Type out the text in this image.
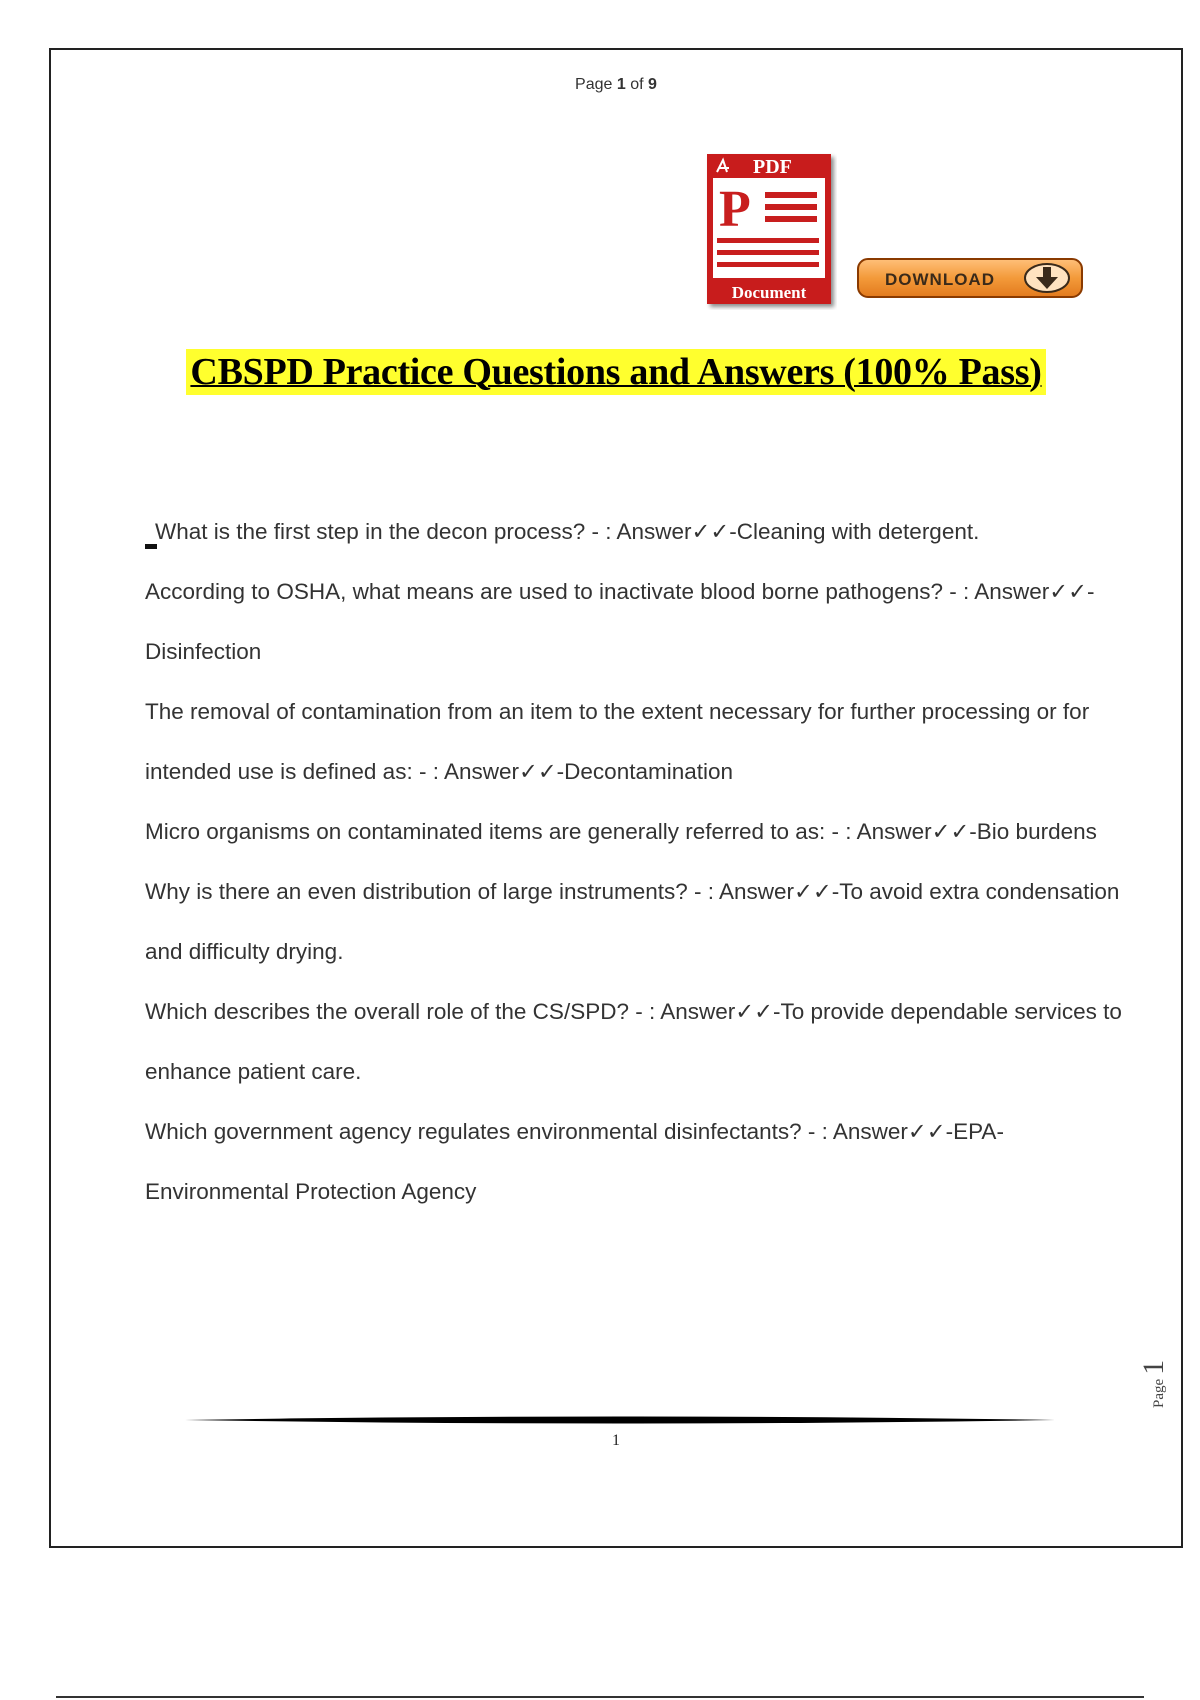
Page 1 of 9
PDF
P
Document
DOWNLOAD
CBSPD Practice Questions and Answers (100% Pass)

What is the first step in the decon process? - : Answer✓✓-Cleaning with detergent.

According to OSHA, what means are used to inactivate blood borne pathogens? - : Answer✓✓-Disinfection

The removal of contamination from an item to the extent necessary for further processing or for intended use is defined as: - : Answer✓✓-Decontamination

Micro organisms on contaminated items are generally referred to as: - : Answer✓✓-Bio burdens

Why is there an even distribution of large instruments? - : Answer✓✓-To avoid extra condensation and difficulty drying.

Which describes the overall role of the CS/SPD? - : Answer✓✓-To provide dependable services to enhance patient care.

Which government agency regulates environmental disinfectants? - : Answer✓✓-EPA-Environmental Protection Agency

1
Page 1
